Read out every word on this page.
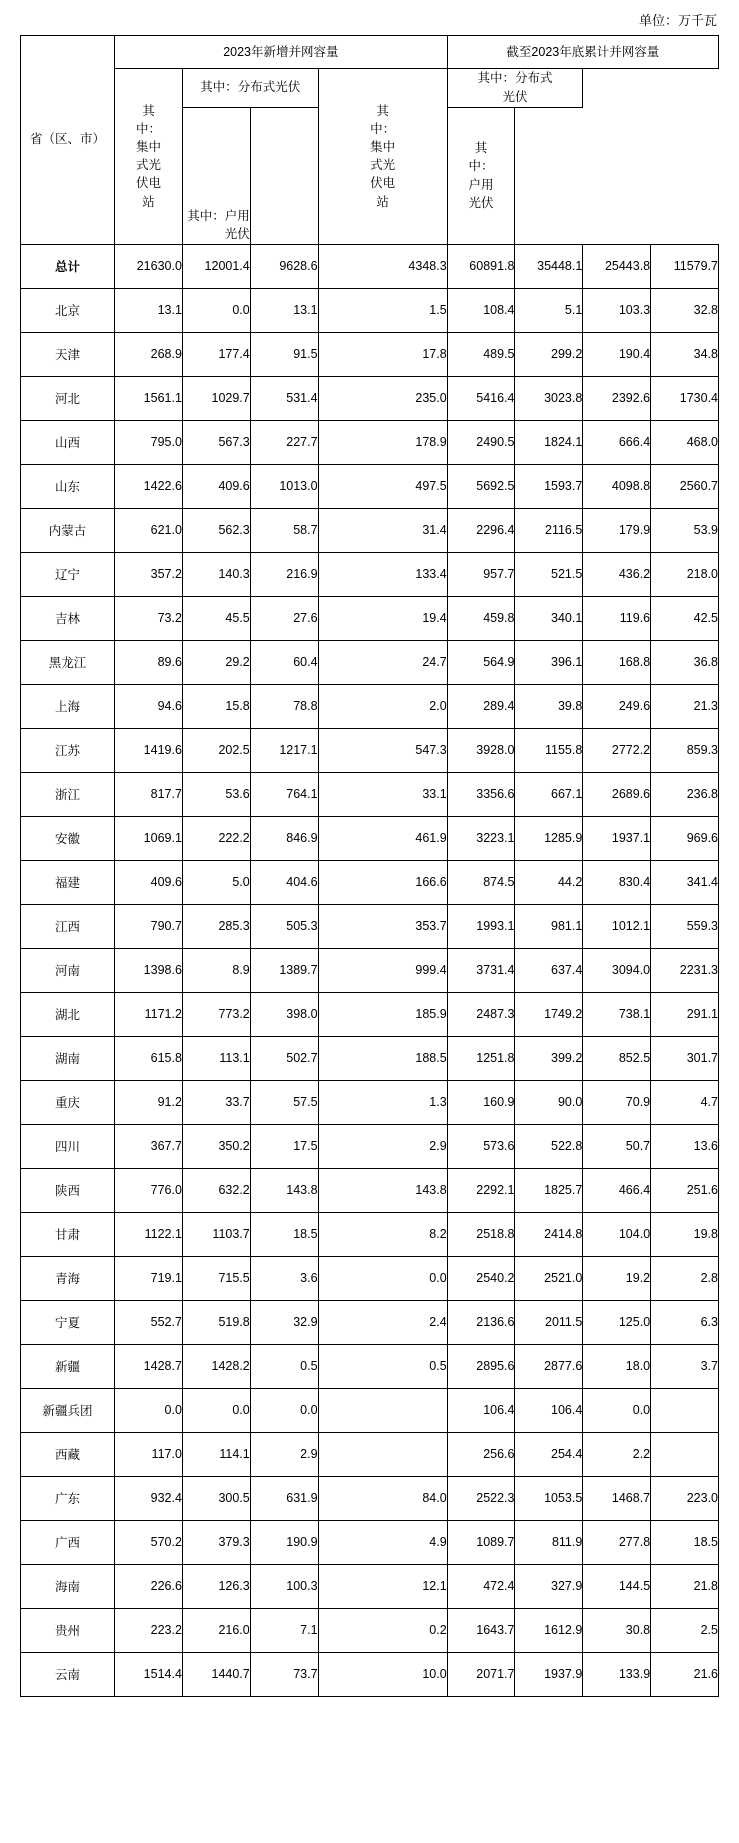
单位：万千瓦
省（区、市）	2023年新增并网容量				截至2023年底累计并网容量			

	其中：集中式光伏电站	其中：分布式光伏		其中：集中式光伏电站	其中：分布式光伏			

		其中：户用光伏			其中：户用光伏			

总计	21630.0	12001.4	9628.6	4348.3	60891.8	35448.1	25443.8	11579.7
北京	13.1	0.0	13.1	1.5	108.4	5.1	103.3	32.8
天津	268.9	177.4	91.5	17.8	489.5	299.2	190.4	34.8
河北	1561.1	1029.7	531.4	235.0	5416.4	3023.8	2392.6	1730.4
山西	795.0	567.3	227.7	178.9	2490.5	1824.1	666.4	468.0
山东	1422.6	409.6	1013.0	497.5	5692.5	1593.7	4098.8	2560.7
内蒙古	621.0	562.3	58.7	31.4	2296.4	2116.5	179.9	53.9
辽宁	357.2	140.3	216.9	133.4	957.7	521.5	436.2	218.0
吉林	73.2	45.5	27.6	19.4	459.8	340.1	119.6	42.5
黑龙江	89.6	29.2	60.4	24.7	564.9	396.1	168.8	36.8
上海	94.6	15.8	78.8	2.0	289.4	39.8	249.6	21.3
江苏	1419.6	202.5	1217.1	547.3	3928.0	1155.8	2772.2	859.3
浙江	817.7	53.6	764.1	33.1	3356.6	667.1	2689.6	236.8
安徽	1069.1	222.2	846.9	461.9	3223.1	1285.9	1937.1	969.6
福建	409.6	5.0	404.6	166.6	874.5	44.2	830.4	341.4
江西	790.7	285.3	505.3	353.7	1993.1	981.1	1012.1	559.3
河南	1398.6	8.9	1389.7	999.4	3731.4	637.4	3094.0	2231.3
湖北	1171.2	773.2	398.0	185.9	2487.3	1749.2	738.1	291.1
湖南	615.8	113.1	502.7	188.5	1251.8	399.2	852.5	301.7
重庆	91.2	33.7	57.5	1.3	160.9	90.0	70.9	4.7
四川	367.7	350.2	17.5	2.9	573.6	522.8	50.7	13.6
陕西	776.0	632.2	143.8	143.8	2292.1	1825.7	466.4	251.6
甘肃	1122.1	1103.7	18.5	8.2	2518.8	2414.8	104.0	19.8
青海	719.1	715.5	3.6	0.0	2540.2	2521.0	19.2	2.8
宁夏	552.7	519.8	32.9	2.4	2136.6	2011.5	125.0	6.3
新疆	1428.7	1428.2	0.5	0.5	2895.6	2877.6	18.0	3.7
新疆兵团	0.0	0.0	0.0		106.4	106.4	0.0	
西藏	117.0	114.1	2.9		256.6	254.4	2.2	
广东	932.4	300.5	631.9	84.0	2522.3	1053.5	1468.7	223.0
广西	570.2	379.3	190.9	4.9	1089.7	811.9	277.8	18.5
海南	226.6	126.3	100.3	12.1	472.4	327.9	144.5	21.8
贵州	223.2	216.0	7.1	0.2	1643.7	1612.9	30.8	2.5
云南	1514.4	1440.7	73.7	10.0	2071.7	1937.9	133.9	21.6
